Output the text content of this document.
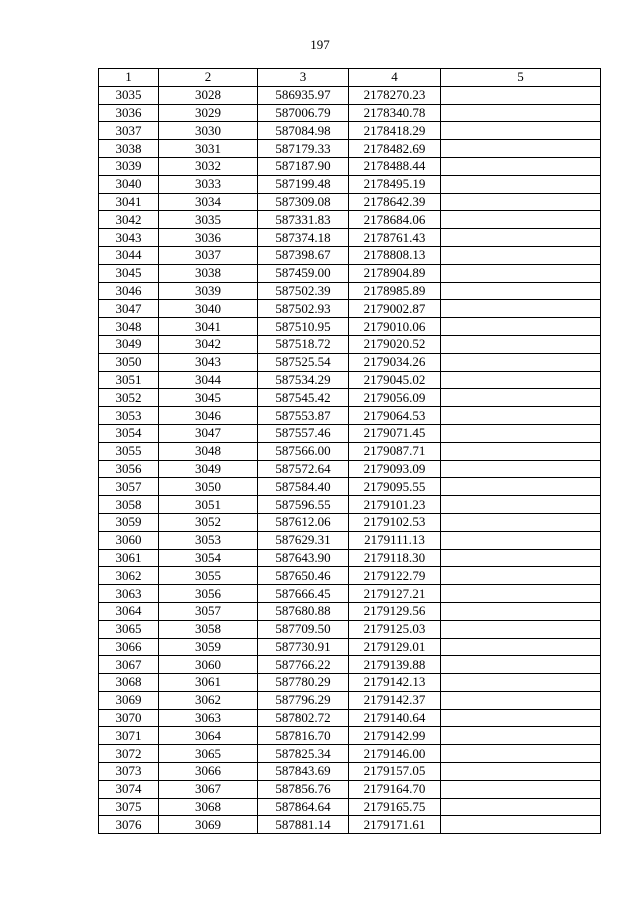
197
1	2	3	4	5
3035	3028	586935.97	2178270.23	
3036	3029	587006.79	2178340.78	
3037	3030	587084.98	2178418.29	
3038	3031	587179.33	2178482.69	
3039	3032	587187.90	2178488.44	
3040	3033	587199.48	2178495.19	
3041	3034	587309.08	2178642.39	
3042	3035	587331.83	2178684.06	
3043	3036	587374.18	2178761.43	
3044	3037	587398.67	2178808.13	
3045	3038	587459.00	2178904.89	
3046	3039	587502.39	2178985.89	
3047	3040	587502.93	2179002.87	
3048	3041	587510.95	2179010.06	
3049	3042	587518.72	2179020.52	
3050	3043	587525.54	2179034.26	
3051	3044	587534.29	2179045.02	
3052	3045	587545.42	2179056.09	
3053	3046	587553.87	2179064.53	
3054	3047	587557.46	2179071.45	
3055	3048	587566.00	2179087.71	
3056	3049	587572.64	2179093.09	
3057	3050	587584.40	2179095.55	
3058	3051	587596.55	2179101.23	
3059	3052	587612.06	2179102.53	
3060	3053	587629.31	2179111.13	
3061	3054	587643.90	2179118.30	
3062	3055	587650.46	2179122.79	
3063	3056	587666.45	2179127.21	
3064	3057	587680.88	2179129.56	
3065	3058	587709.50	2179125.03	
3066	3059	587730.91	2179129.01	
3067	3060	587766.22	2179139.88	
3068	3061	587780.29	2179142.13	
3069	3062	587796.29	2179142.37	
3070	3063	587802.72	2179140.64	
3071	3064	587816.70	2179142.99	
3072	3065	587825.34	2179146.00	
3073	3066	587843.69	2179157.05	
3074	3067	587856.76	2179164.70	
3075	3068	587864.64	2179165.75	
3076	3069	587881.14	2179171.61	
